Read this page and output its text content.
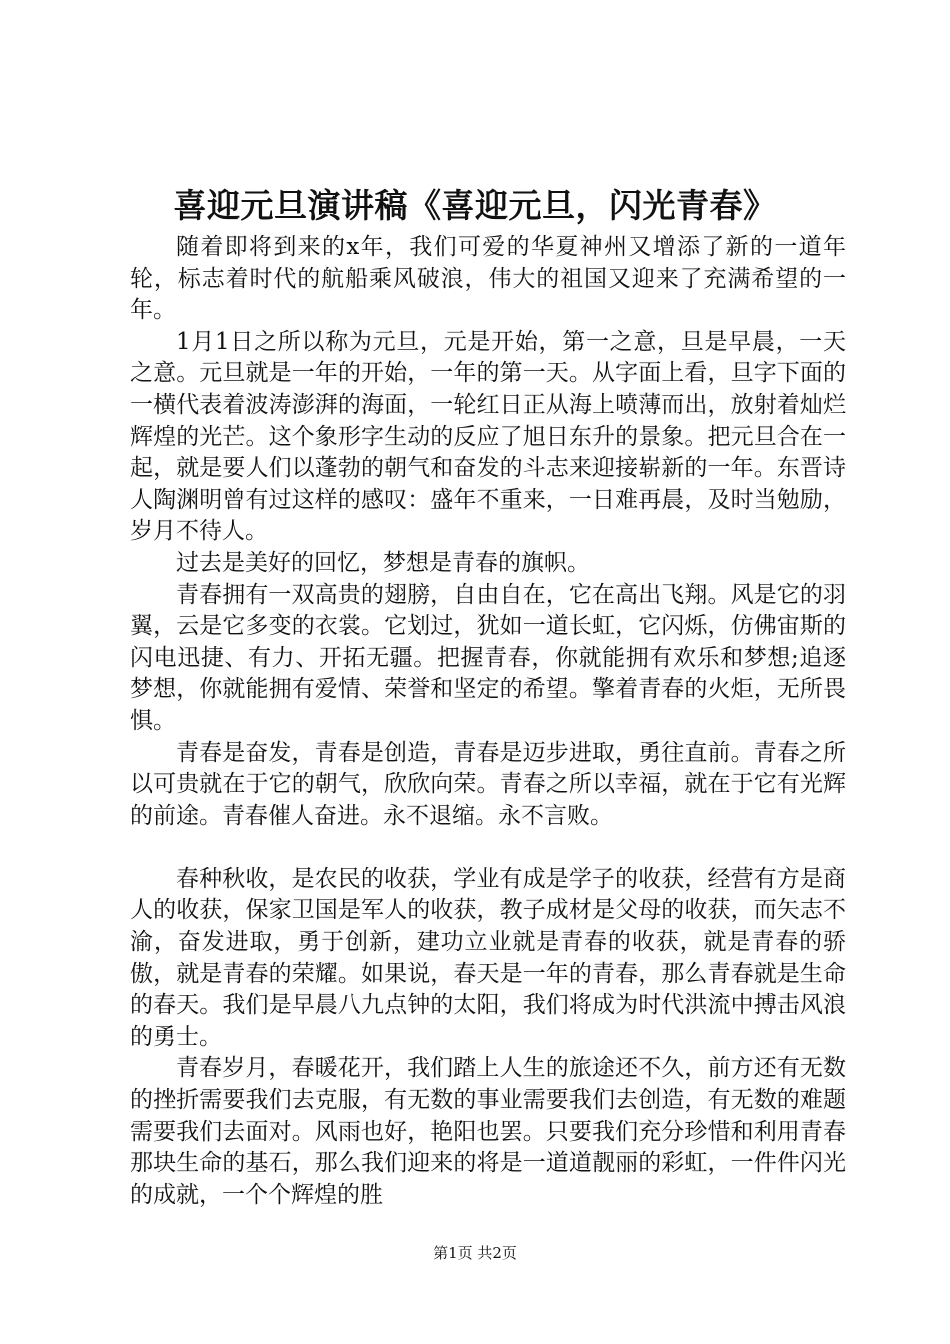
喜迎元旦演讲稿《喜迎元旦，闪光青春》

随着即将到来的x年，我们可爱的华夏神州又增添了新的一道年轮，标志着时代的航船乘风破浪，伟大的祖国又迎来了充满希望的一年。

1月1日之所以称为元旦，元是开始，第一之意，旦是早晨，一天之意。元旦就是一年的开始，一年的第一天。从字面上看，旦字下面的一横代表着波涛澎湃的海面，一轮红日正从海上喷薄而出，放射着灿烂辉煌的光芒。这个象形字生动的反应了旭日东升的景象。把元旦合在一起，就是要人们以蓬勃的朝气和奋发的斗志来迎接崭新的一年。东晋诗人陶渊明曾有过这样的感叹：盛年不重来，一日难再晨，及时当勉励，岁月不待人。

过去是美好的回忆，梦想是青春的旗帜。

青春拥有一双高贵的翅膀，自由自在，它在高出飞翔。风是它的羽翼，云是它多变的衣裳。它划过，犹如一道长虹，它闪烁，仿佛宙斯的闪电迅捷、有力、开拓无疆。把握青春，你就能拥有欢乐和梦想;追逐梦想，你就能拥有爱情、荣誉和坚定的希望。擎着青春的火炬，无所畏惧。

青春是奋发，青春是创造，青春是迈步进取，勇往直前。青春之所以可贵就在于它的朝气，欣欣向荣。青春之所以幸福，就在于它有光辉的前途。青春催人奋进。永不退缩。永不言败。

春种秋收，是农民的收获，学业有成是学子的收获，经营有方是商人的收获，保家卫国是军人的收获，教子成材是父母的收获，而矢志不渝，奋发进取，勇于创新，建功立业就是青春的收获，就是青春的骄傲，就是青春的荣耀。如果说，春天是一年的青春，那么青春就是生命的春天。我们是早晨八九点钟的太阳，我们将成为时代洪流中搏击风浪的勇士。

青春岁月，春暖花开，我们踏上人生的旅途还不久，前方还有无数的挫折需要我们去克服，有无数的事业需要我们去创造，有无数的难题需要我们去面对。风雨也好，艳阳也罢。只要我们充分珍惜和利用青春那块生命的基石，那么我们迎来的将是一道道靓丽的彩虹，一件件闪光的成就，一个个辉煌的胜

第1页 共2页
